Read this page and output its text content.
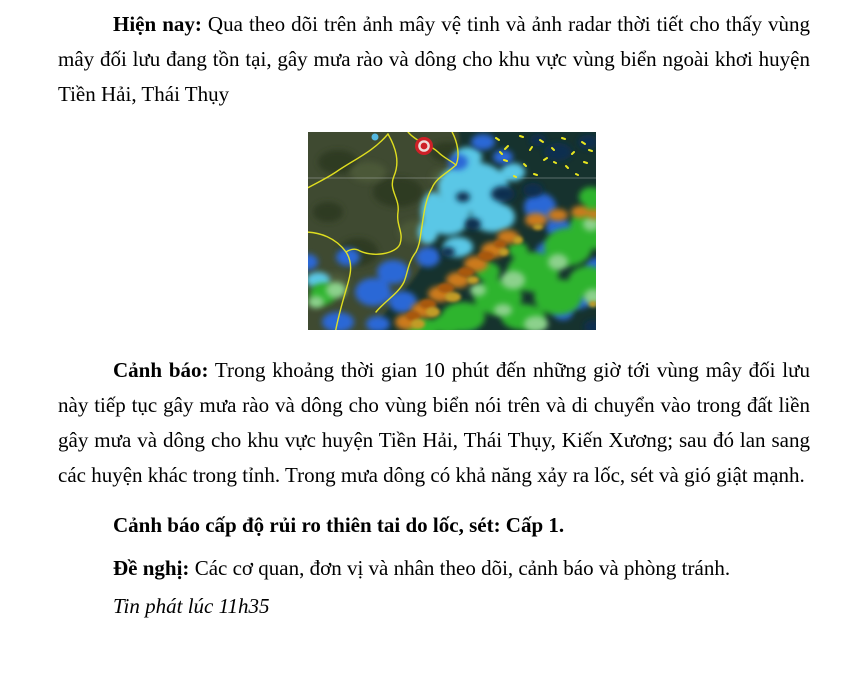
Hiện nay: Qua theo dõi trên ảnh mây vệ tinh và ảnh radar thời tiết cho thấy vùng mây đối lưu đang tồn tại, gây mưa rào và dông cho khu vực vùng biển ngoài khơi huyện Tiền Hải, Thái Thụy

Cảnh báo: Trong khoảng thời gian 10 phút đến những giờ tới vùng mây đối lưu này tiếp tục gây mưa rào và dông cho vùng biển nói trên và di chuyển vào trong đất liền gây mưa và dông cho khu vực huyện Tiền Hải, Thái Thụy, Kiến Xương; sau đó lan sang các huyện khác trong tỉnh. Trong mưa dông có khả năng xảy ra lốc, sét và gió giật mạnh.

Cảnh báo cấp độ rủi ro thiên tai do lốc, sét: Cấp 1.

Đề nghị: Các cơ quan, đơn vị và nhân theo dõi, cảnh báo và phòng tránh.

Tin phát lúc 11h35
